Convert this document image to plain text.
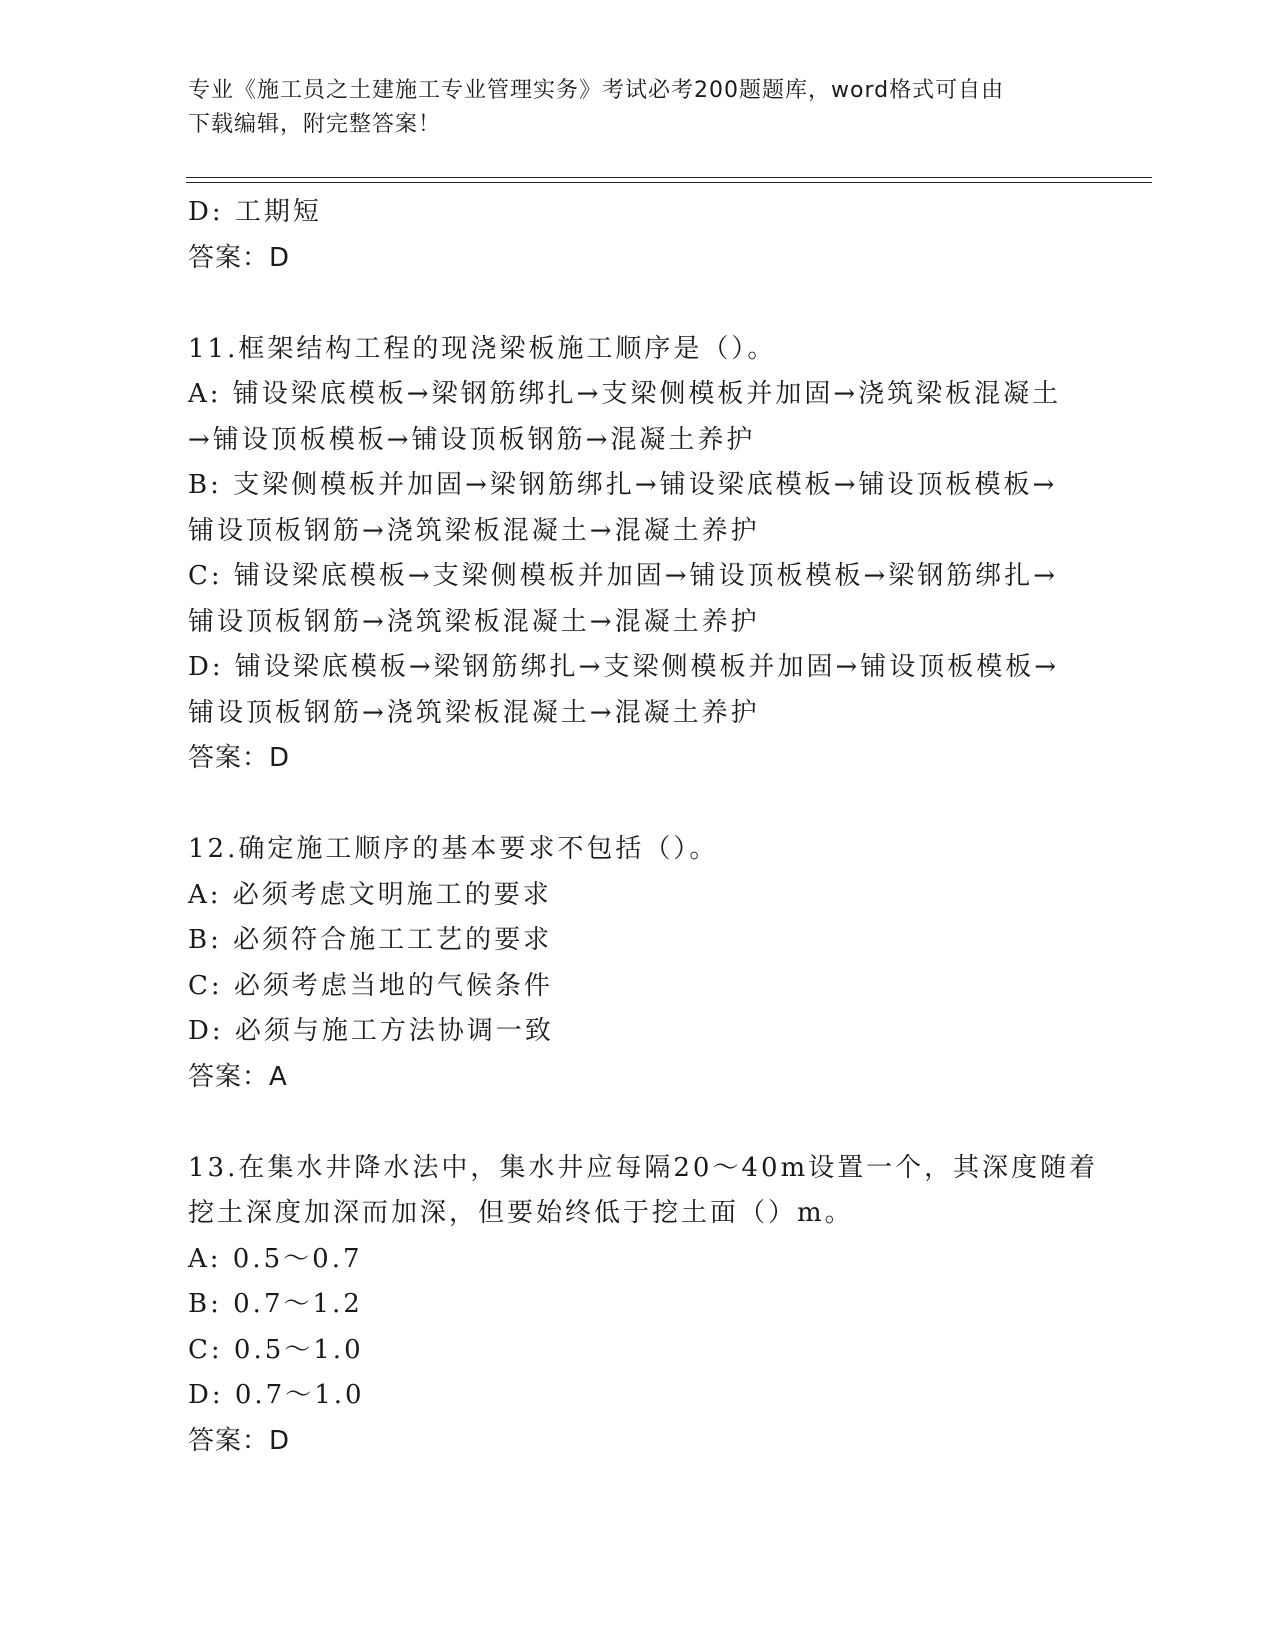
专业《施工员之土建施工专业管理实务》考试必考200题题库，word格式可自由
下载编辑，附完整答案！
D: 工期短
答案：D
11.框架结构工程的现浇梁板施工顺序是（）。
A: 铺设梁底模板→梁钢筋绑扎→支梁侧模板并加固→浇筑梁板混凝土
→铺设顶板模板→铺设顶板钢筋→混凝土养护
B: 支梁侧模板并加固→梁钢筋绑扎→铺设梁底模板→铺设顶板模板→
铺设顶板钢筋→浇筑梁板混凝土→混凝土养护
C: 铺设梁底模板→支梁侧模板并加固→铺设顶板模板→梁钢筋绑扎→
铺设顶板钢筋→浇筑梁板混凝土→混凝土养护
D: 铺设梁底模板→梁钢筋绑扎→支梁侧模板并加固→铺设顶板模板→
铺设顶板钢筋→浇筑梁板混凝土→混凝土养护
答案：D
12.确定施工顺序的基本要求不包括（）。
A: 必须考虑文明施工的要求
B: 必须符合施工工艺的要求
C: 必须考虑当地的气候条件
D: 必须与施工方法协调一致
答案：A
13.在集水井降水法中，集水井应每隔20～40m设置一个，其深度随着
挖土深度加深而加深，但要始终低于挖土面（）m。
A: 0.5～0.7
B: 0.7～1.2
C: 0.5～1.0
D: 0.7～1.0
答案：D
